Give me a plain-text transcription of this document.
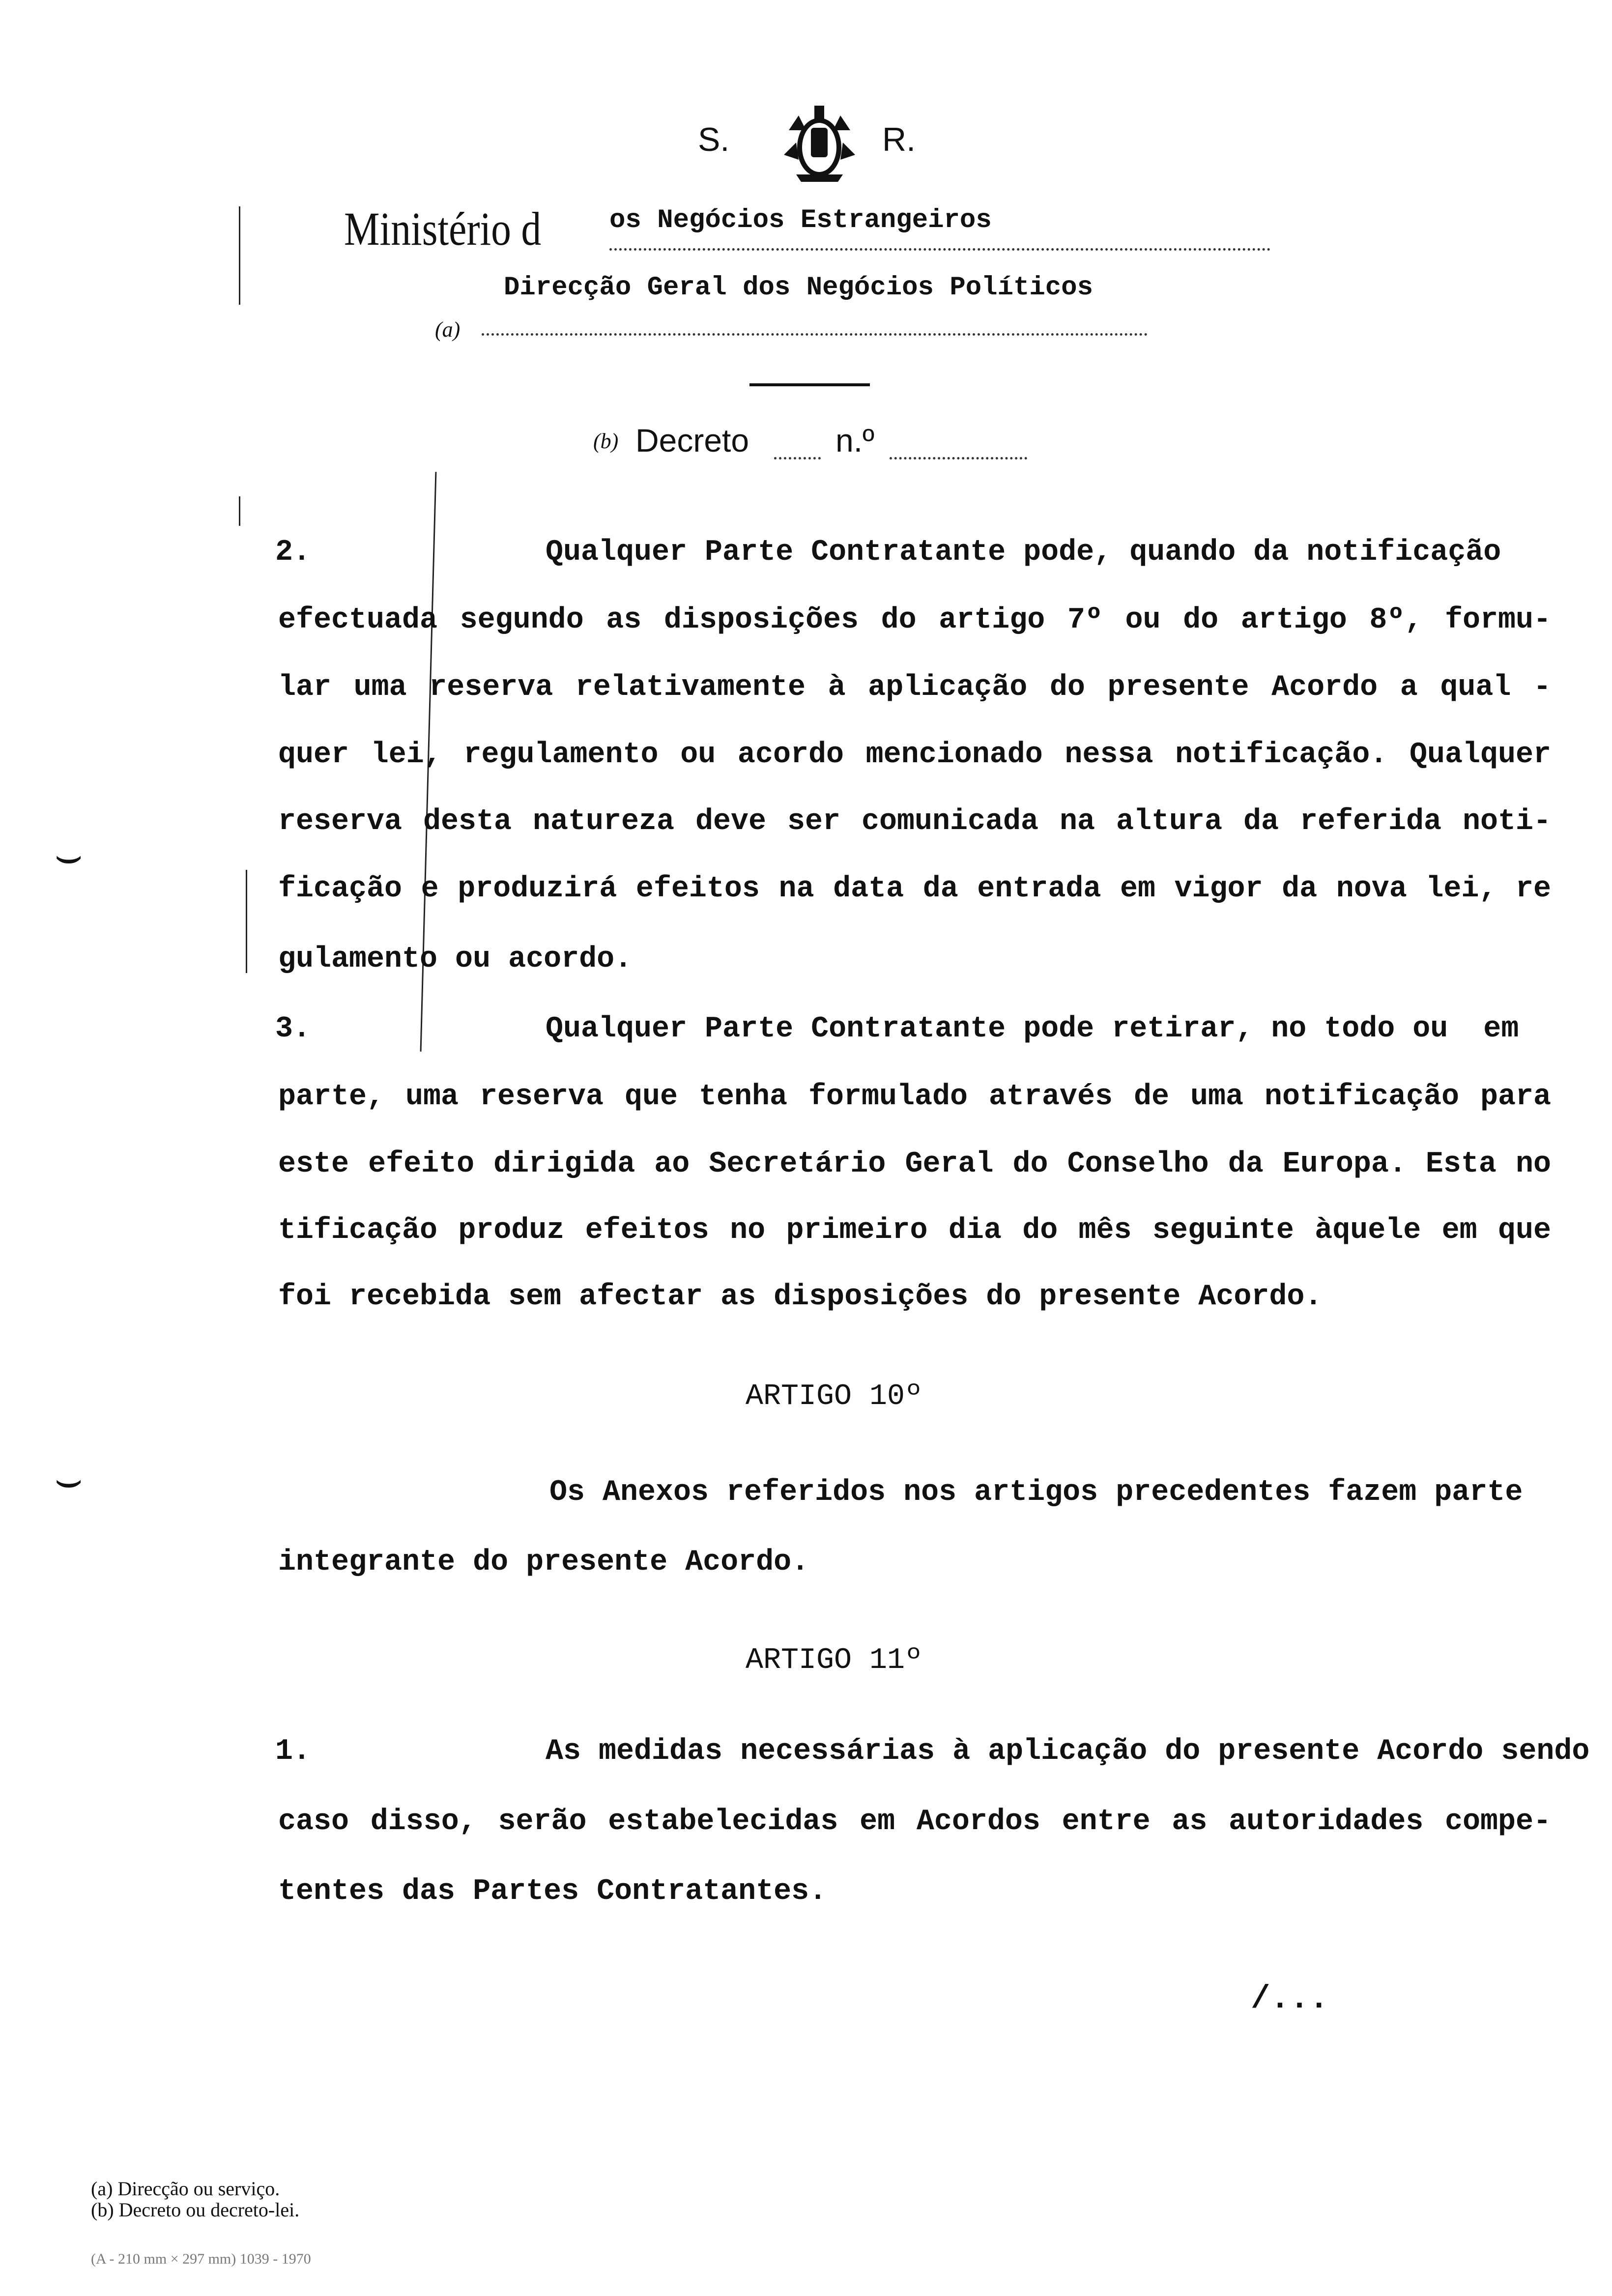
S.	R.
Ministério d	os Negócios Estrangeiros
Direcção Geral dos Negócios Políticos
(a)
(b) Decreto	n.º
⌣
⌣
2.	Qualquer Parte Contratante pode, quando da notificação
efectuada segundo as disposições do artigo 7º ou do artigo 8º, formu-
lar uma reserva relativamente à aplicação do presente Acordo a qual -
quer lei, regulamento ou acordo mencionado nessa notificação. Qualquer
reserva desta natureza deve ser comunicada na altura da referida noti-
ficação e produzirá efeitos na data da entrada em vigor da nova lei, re
gulamento ou acordo.
3.	Qualquer Parte Contratante pode retirar, no todo ou  em
parte, uma reserva que tenha formulado através de uma notificação para
este efeito dirigida ao Secretário Geral do Conselho da Europa. Esta no
tificação produz efeitos no primeiro dia do mês seguinte àquele em que
foi recebida sem afectar as disposições do presente Acordo.
ARTIGO 10º
Os Anexos referidos nos artigos precedentes fazem parte
integrante do presente Acordo.
ARTIGO 11º
1.	As medidas necessárias à aplicação do presente Acordo sendo
caso disso, serão estabelecidas em Acordos entre as autoridades compe-
tentes das Partes Contratantes.
/...
(a) Direcção ou serviço.
(b) Decreto ou decreto-lei.
(A - 210 mm × 297 mm) 1039 - 1970
